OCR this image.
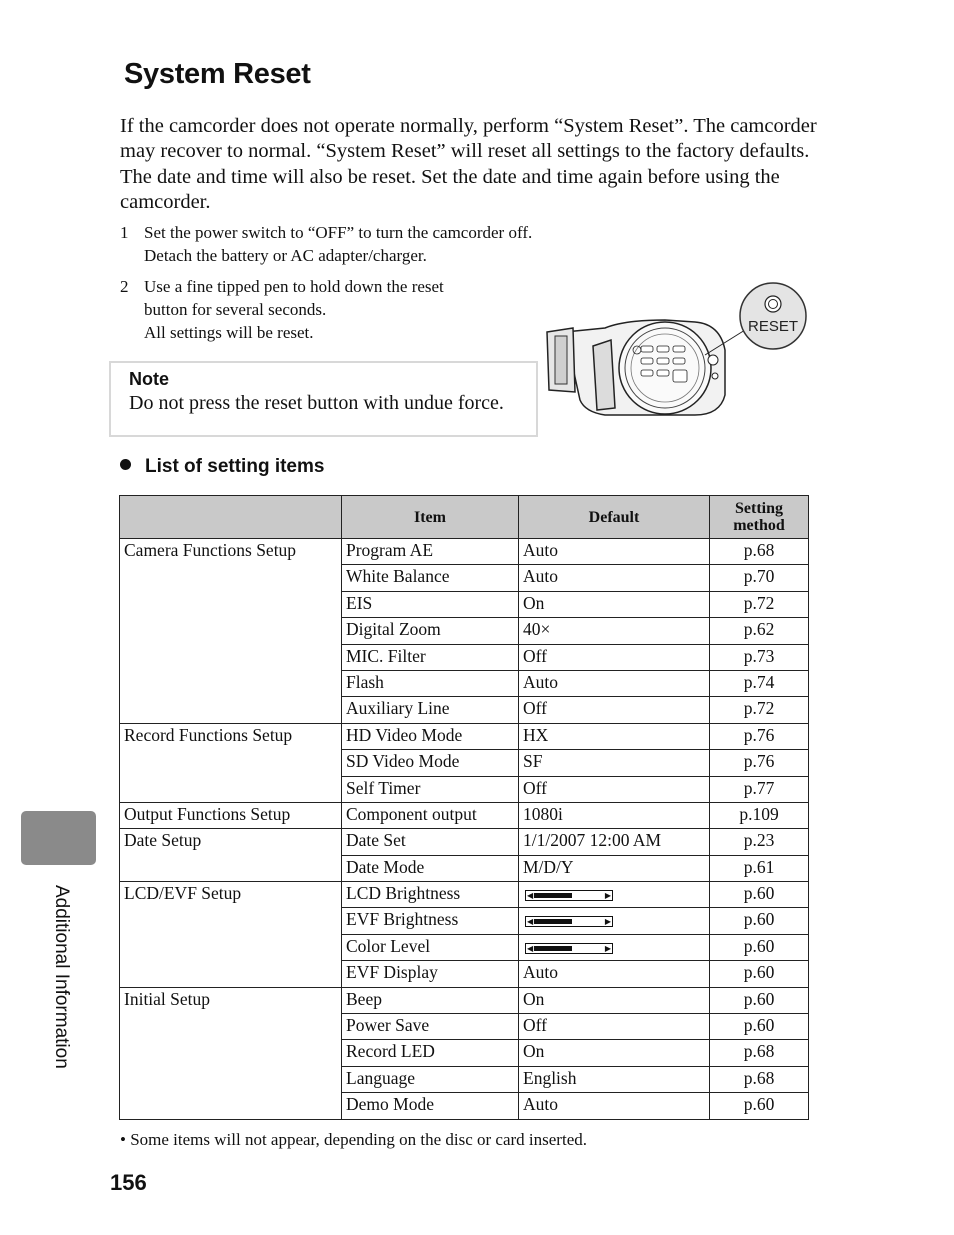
System Reset
If the camcorder does not operate normally, perform “System Reset”. The camcorder may recover to normal. “System Reset” will reset all settings to the factory defaults. The date and time will also be reset. Set the date and time again before using the camcorder.
1 Set the power switch to “OFF” to turn the camcorder off.
Detach the battery or AC adapter/charger.
2 Use a fine tipped pen to hold down the reset
button for several seconds.
All settings will be reset.
Note
Do not press the reset button with undue force.
RESET
List of setting items
	Item	Default	Setting method
Camera Functions Setup	Program AE	Auto	p.68
	White Balance	Auto	p.70
	EIS	On	p.72
	Digital Zoom	40×	p.62
	MIC. Filter	Off	p.73
	Flash	Auto	p.74
	Auxiliary Line	Off	p.72
Record Functions Setup	HD Video Mode	HX	p.76
	SD Video Mode	SF	p.76
	Self Timer	Off	p.77
Output Functions Setup	Component output	1080i	p.109
Date Setup	Date Set	1/1/2007 12:00 AM	p.23
	Date Mode	M/D/Y	p.61
LCD/EVF Setup	LCD Brightness	◀ ▶	p.60
	EVF Brightness	◀ ▶	p.60
	Color Level	◀ ▶	p.60
	EVF Display	Auto	p.60
Initial Setup	Beep	On	p.60
	Power Save	Off	p.60
	Record LED	On	p.68
	Language	English	p.68
	Demo Mode	Auto	p.60
• Some items will not appear, depending on the disc or card inserted.
Additional Information
156
